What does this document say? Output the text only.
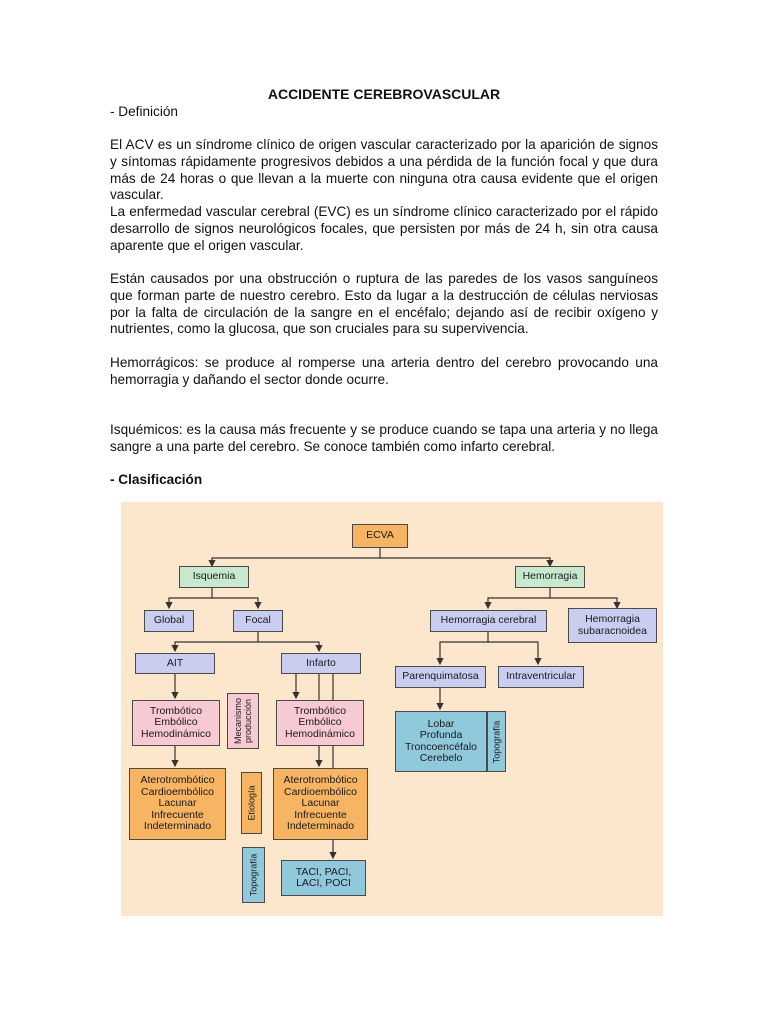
ACCIDENTE CEREBROVASCULAR
- Definición
El ACV es un síndrome clínico de origen vascular caracterizado por la aparición de signos y síntomas rápidamente progresivos debidos a una pérdida de la función focal y que dura más de 24 horas o que llevan a la muerte con ninguna otra causa evidente que el origen vascular.
La enfermedad vascular cerebral (EVC) es un síndrome clínico caracterizado por el rápido desarrollo de signos neurológicos focales, que persisten por más de 24 h, sin otra causa aparente que el origen vascular.
Están causados por una obstrucción o ruptura de las paredes de los vasos sanguíneos que forman parte de nuestro cerebro. Esto da lugar a la destrucción de células nerviosas por la falta de circulación de la sangre en el encéfalo; dejando así de recibir oxígeno y nutrientes, como la glucosa, que son cruciales para su supervivencia.
Hemorrágicos: se produce al romperse una arteria dentro del cerebro provocando una hemorragia y dañando el sector donde ocurre.
Isquémicos: es la causa más frecuente y se produce cuando se tapa una arteria y no llega sangre a una parte del cerebro. Se conoce también como infarto cerebral.
- Clasificación
ECVA
Isquemia	Hemorragia
Global	Focal	Hemorragia cerebral	Hemorragia
subaracnoidea
AIT	Infarto
Parenquimatosa	Intraventricular
Trombótico
Embólico
Hemodinámico	Mecanismo
producción	Trombótico
Embólico
Hemodinámico
Lobar
Profunda
Troncoencéfalo
Cerebelo	Topografía
Aterotrombótico
Cardioembólico
Lacunar
Infrecuente
Indeterminado
Etiología
Aterotrombótico
Cardioembólico
Lacunar
Infrecuente
Indeterminado
Topografía	TACI, PACI,
LACI, POCI
